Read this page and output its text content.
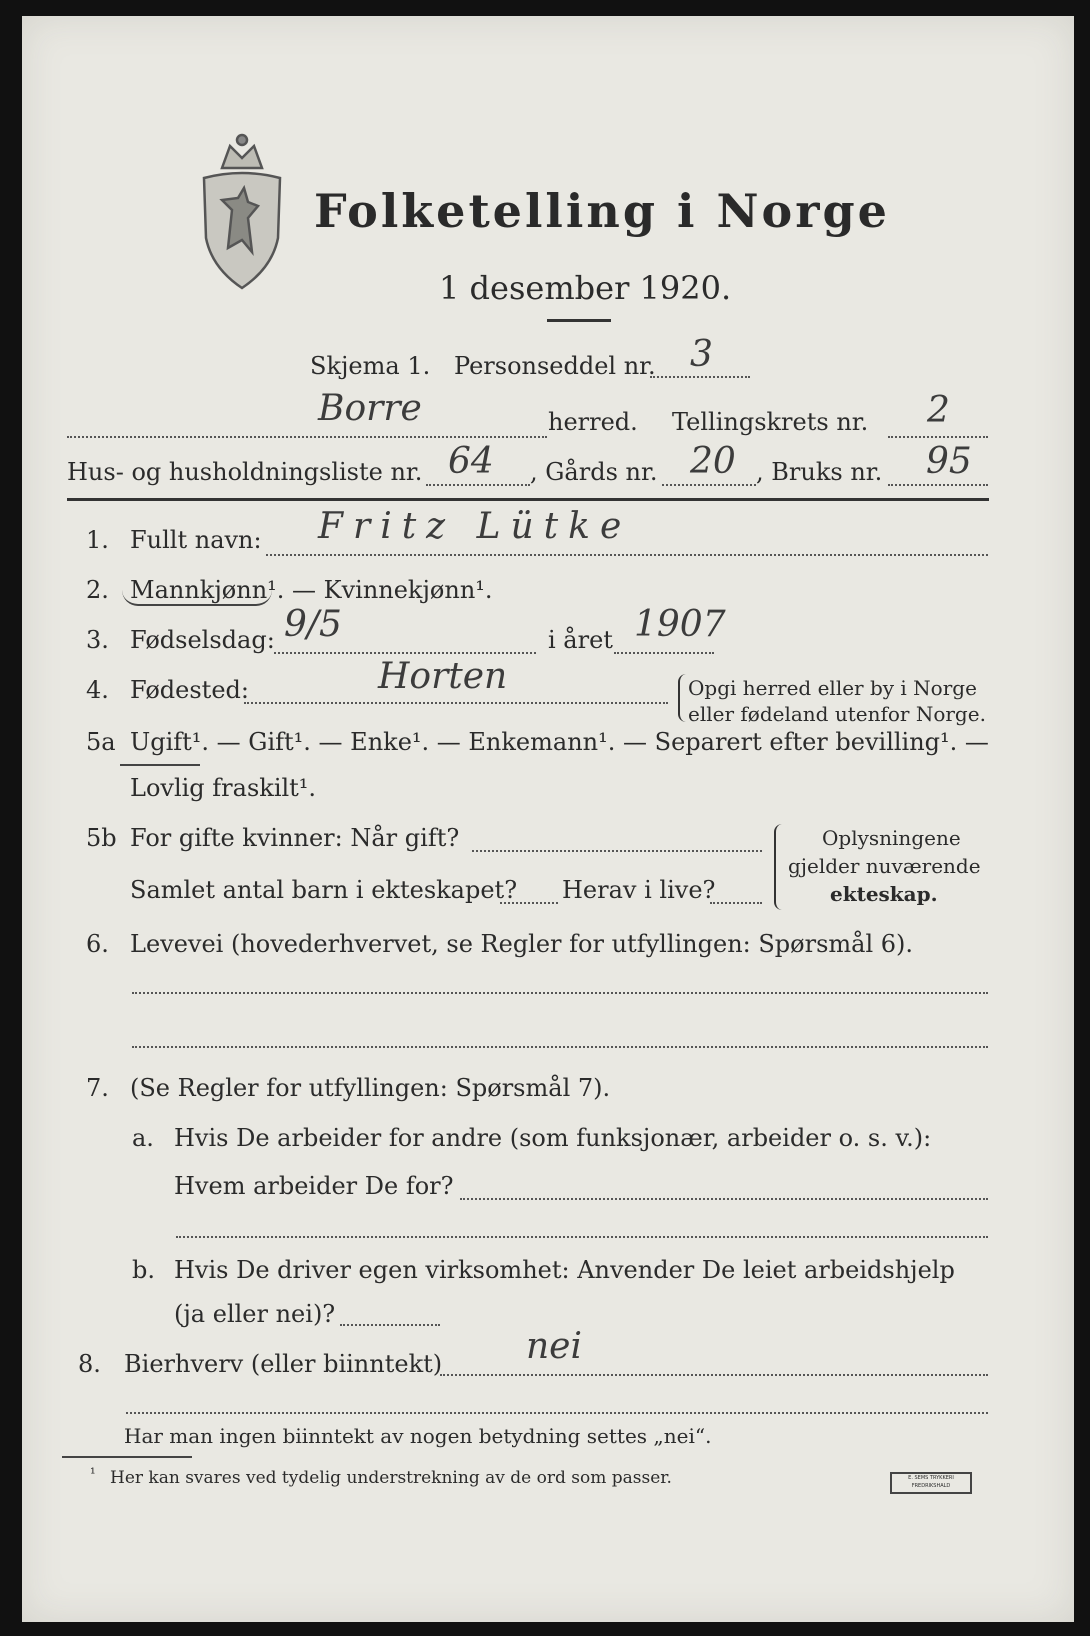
Folketelling i Norge
1 desember 1920.
Skjema 1. Personseddel nr. 3
Borre	herred. Tellingskrets nr. 2
Hus- og husholdningsliste nr. 64 , Gårds nr. 20 , Bruks nr. 95
1. Fullt navn: Fritz Lütke
2. Mannkjønn¹. — Kvinnekjønn¹.
3. Fødselsdag: 9/5	i året 1907
4. Fødested:	Horten	Opgi herred eller by i Norge
eller fødeland utenfor Norge.
5a Ugift¹. — Gift¹. — Enke¹. — Enkemann¹. — Separert efter bevilling¹. —
Lovlig fraskilt¹.
5b For gifte kvinner: Når gift?
Samlet antal barn i ekteskapet? Herav i live?
Oplysningene
gjelder nuværende
ekteskap.
6. Levevei (hovederhvervet, se Regler for utfyllingen: Spørsmål 6).
7. (Se Regler for utfyllingen: Spørsmål 7).
a. Hvis De arbeider for andre (som funksjonær, arbeider o. s. v.):
Hvem arbeider De for?
b. Hvis De driver egen virksomhet: Anvender De leiet arbeidshjelp
(ja eller nei)?
8. Bierhverv (eller biinntekt) nei
Har man ingen biinntekt av nogen betydning settes „nei“.
¹ Her kan svares ved tydelig understrekning av de ord som passer.	E. SEMS TRYKKERI
FREDRIKSHALD
